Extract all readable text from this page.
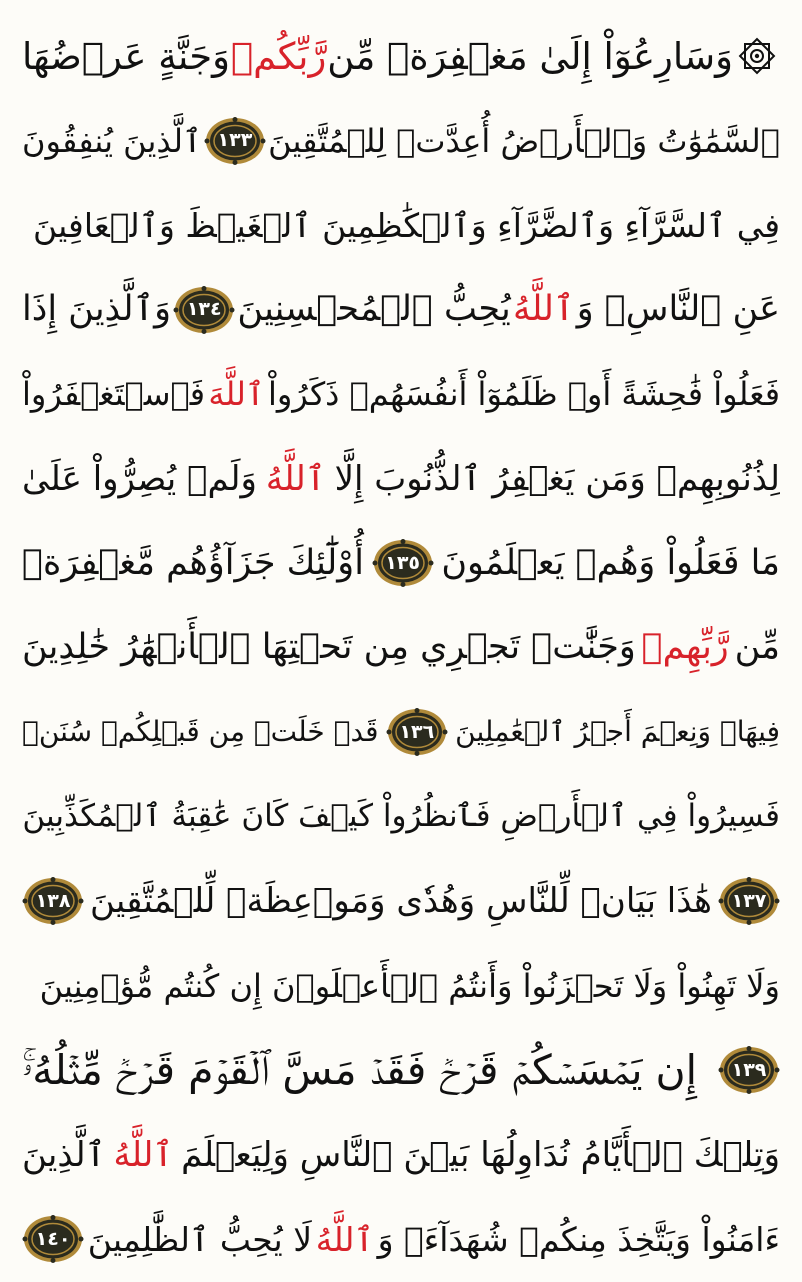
وَسَارِعُوٓاْ إِلَىٰ مَغۡفِرَةٖ مِّن
رَّبِّكُمۡ
وَجَنَّةٍ عَرۡضُهَا
ٱلسَّمَٰوَٰتُ وَٱلۡأَرۡضُ أُعِدَّتۡ لِلۡمُتَّقِينَ
١٣٣
ٱلَّذِينَ يُنفِقُونَ
فِي ٱلسَّرَّآءِ وَٱلضَّرَّآءِ وَٱلۡكَٰظِمِينَ ٱلۡغَيۡظَ وَٱلۡعَافِينَ
عَنِ ٱلنَّاسِۗ وَ
ٱللَّهُ
يُحِبُّ ٱلۡمُحۡسِنِينَ
١٣٤
وَٱلَّذِينَ إِذَا
فَعَلُواْ فَٰحِشَةً أَوۡ ظَلَمُوٓاْ أَنفُسَهُمۡ ذَكَرُواْ
ٱللَّهَ
فَٱسۡتَغۡفَرُواْ
لِذُنُوبِهِمۡ وَمَن يَغۡفِرُ ٱلذُّنُوبَ إِلَّا
ٱللَّهُ
وَلَمۡ يُصِرُّواْ عَلَىٰ
مَا فَعَلُواْ وَهُمۡ يَعۡلَمُونَ
١٣٥
أُوْلَٰٓئِكَ جَزَآؤُهُم مَّغۡفِرَةٞ
مِّن
رَّبِّهِمۡ
وَجَنَّٰتٞ تَجۡرِي مِن تَحۡتِهَا ٱلۡأَنۡهَٰرُ خَٰلِدِينَ
فِيهَاۚ وَنِعۡمَ أَجۡرُ ٱلۡعَٰمِلِينَ
١٣٦
قَدۡ خَلَتۡ مِن قَبۡلِكُمۡ سُنَنٞ
فَسِيرُواْ فِي ٱلۡأَرۡضِ فَٱنظُرُواْ كَيۡفَ كَانَ عَٰقِبَةُ ٱلۡمُكَذِّبِينَ
١٣٧
هَٰذَا بَيَانٞ لِّلنَّاسِ وَهُدٗى وَمَوۡعِظَةٞ لِّلۡمُتَّقِينَ
١٣٨
وَلَا تَهِنُواْ وَلَا تَحۡزَنُواْ وَأَنتُمُ ٱلۡأَعۡلَوۡنَ إِن كُنتُم مُّؤۡمِنِينَ
١٣٩
إِن يَمۡسَسۡكُمۡ قَرۡحٞ فَقَدۡ مَسَّ ٱلۡقَوۡمَ قَرۡحٞ مِّثۡلُهُۥۚ
وَتِلۡكَ ٱلۡأَيَّامُ نُدَاوِلُهَا بَيۡنَ ٱلنَّاسِ وَلِيَعۡلَمَ
ٱللَّهُ
ٱلَّذِينَ
ءَامَنُواْ وَيَتَّخِذَ مِنكُمۡ شُهَدَآءَۗ وَ
ٱللَّهُ
لَا يُحِبُّ ٱلظَّٰلِمِينَ
١٤٠
